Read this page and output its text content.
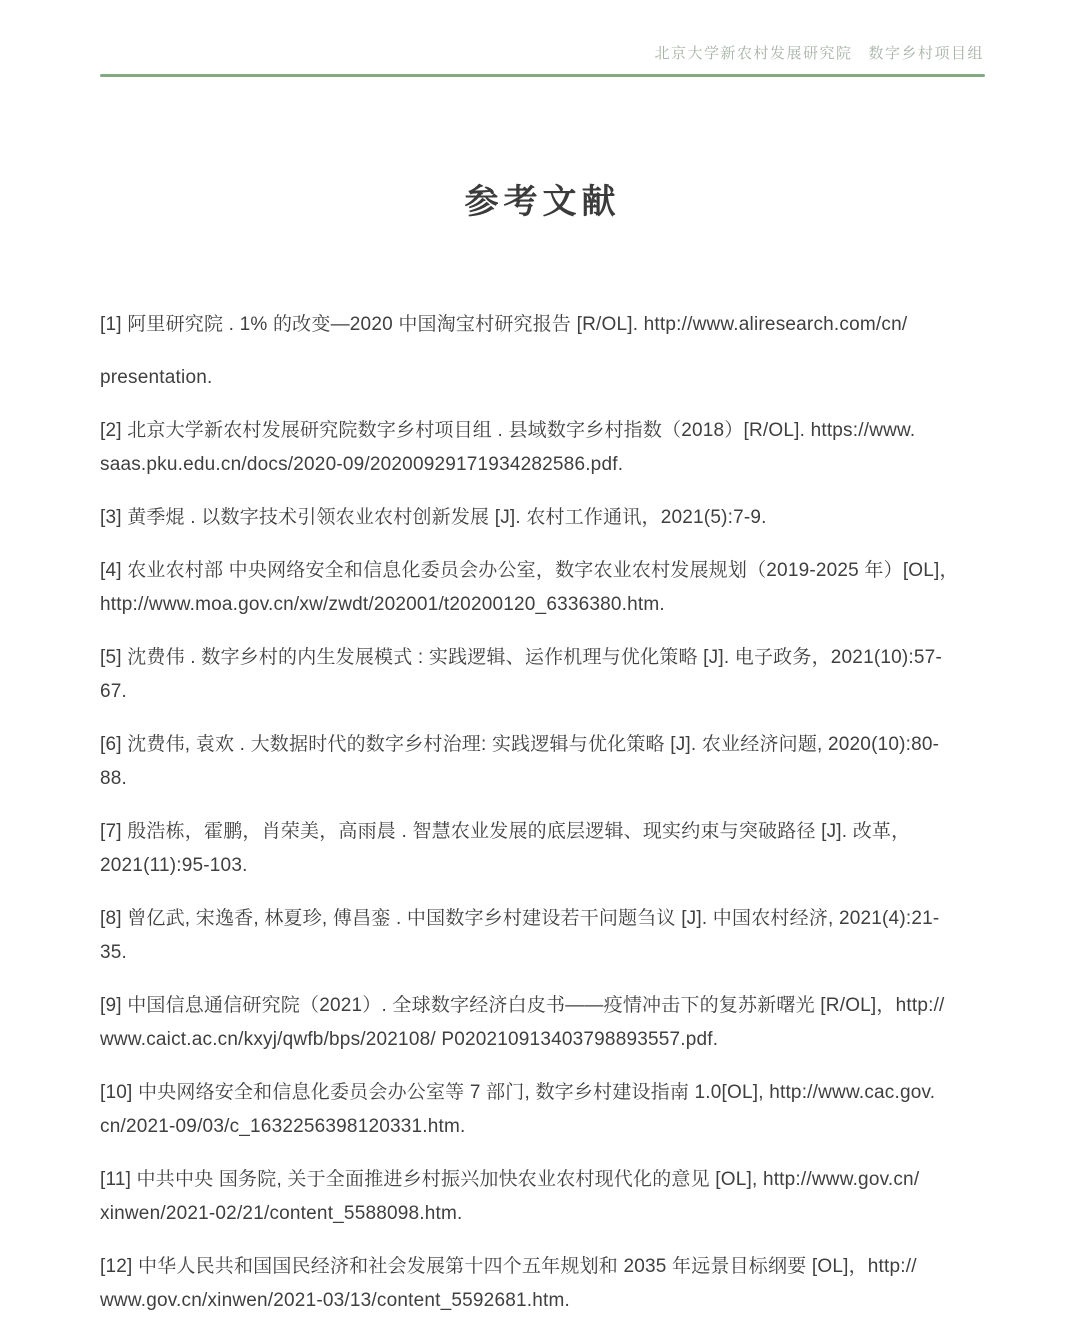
北京大学新农村发展研究院 数字乡村项目组
参考文献
[1] 阿里研究院 . 1% 的改变—2020 中国淘宝村研究报告 [R/OL]. http://www.aliresearch.com/cn/
presentation.
[2] 北京大学新农村发展研究院数字乡村项目组 . 县域数字乡村指数（2018）[R/OL]. https://www.
saas.pku.edu.cn/docs/2020-09/20200929171934282586.pdf.
[3] 黄季焜 . 以数字技术引领农业农村创新发展 [J]. 农村工作通讯，2021(5):7-9.
[4] 农业农村部 中央网络安全和信息化委员会办公室，数字农业农村发展规划（2019-2025 年）[OL]，
http://www.moa.gov.cn/xw/zwdt/202001/t20200120_6336380.htm.
[5] 沈费伟 . 数字乡村的内生发展模式 : 实践逻辑、运作机理与优化策略 [J]. 电子政务，2021(10):57-
67.
[6] 沈费伟, 袁欢 . 大数据时代的数字乡村治理: 实践逻辑与优化策略 [J]. 农业经济问题, 2020(10):80-
88.
[7] 殷浩栋，霍鹏，肖荣美，高雨晨 . 智慧农业发展的底层逻辑、现实约束与突破路径 [J]. 改革，
2021(11):95-103.
[8] 曾亿武, 宋逸香, 林夏珍, 傅昌銮 . 中国数字乡村建设若干问题刍议 [J]. 中国农村经济, 2021(4):21-
35.
[9] 中国信息通信研究院（2021）. 全球数字经济白皮书——疫情冲击下的复苏新曙光 [R/OL]，http://
www.caict.ac.cn/kxyj/qwfb/bps/202108/ P020210913403798893557.pdf.
[10] 中央网络安全和信息化委员会办公室等 7 部门, 数字乡村建设指南 1.0[OL], http://www.cac.gov.
cn/2021-09/03/c_1632256398120331.htm.
[11] 中共中央 国务院, 关于全面推进乡村振兴加快农业农村现代化的意见 [OL], http://www.gov.cn/
xinwen/2021-02/21/content_5588098.htm.
[12] 中华人民共和国国民经济和社会发展第十四个五年规划和 2035 年远景目标纲要 [OL]，http://
www.gov.cn/xinwen/2021-03/13/content_5592681.htm.
